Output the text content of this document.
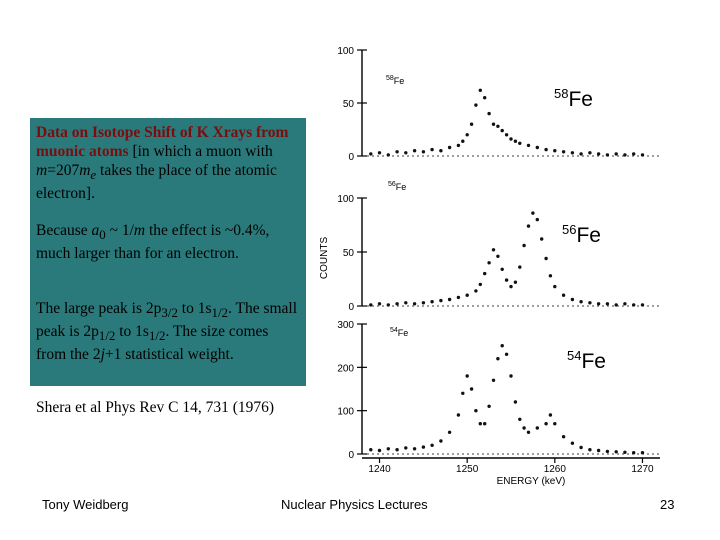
Data on Isotope Shift of K Xrays from muonic atoms [in which a muon with $m=207m_e$ takes the place of the atomic electron].

Because $a_0$ ~ 1/m the effect is ~0.4%, much larger than for an electron.

The large peak is $2p_{3/2}$ to $1s_{1/2}$. The small peak is $2p_{1/2}$ to $1s_{1/2}$. The size comes from the 2j+1 statistical weight.

Shera et al Phys Rev C 14, 731 (1976)

0
50
100
$^{58}$Fe
0
50
100
$^{56}$Fe
0
100
200
300	$^{54}$Fe
1240	1250	1260	1270
ENERGY (keV)
COUNTS
$^{58}$Fe
$^{56}$Fe
$^{54}$Fe
Tony Weidberg	Nuclear Physics Lectures	23
